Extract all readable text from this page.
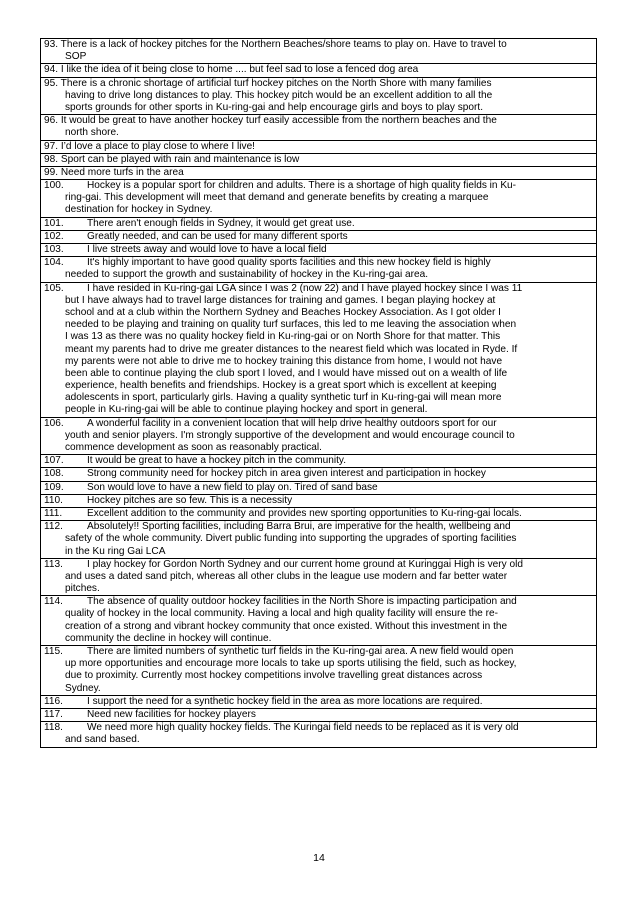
93. There is a lack of hockey pitches for the Northern Beaches/shore teams to play on. Have to travel to
SOP
94. I like the idea of it being close to home .... but feel sad to lose a fenced dog area
95. There is a chronic shortage of artificial turf hockey pitches on the North Shore with many families
having to drive long distances to play. This hockey pitch would be an excellent addition to all the
sports grounds for other sports in Ku-ring-gai and help encourage girls and boys to play sport.
96. It would be great to have another hockey turf easily accessible from the northern beaches and the
north shore.
97. I’d love a place to play close to where I live!
98. Sport can be played with rain and maintenance is low
99. Need more turfs in the area
100. Hockey is a popular sport for children and adults. There is a shortage of high quality fields in Ku-
ring-gai. This development will meet that demand and generate benefits by creating a marquee
destination for hockey in Sydney.
101. There aren't enough fields in Sydney, it would get great use.
102. Greatly needed, and can be used for many different sports
103. I live streets away and would love to have a local field
104. It's highly important to have good quality sports facilities and this new hockey field is highly
needed to support the growth and sustainability of hockey in the Ku-ring-gai area.
105. I have resided in Ku-ring-gai LGA since I was 2 (now 22) and I have played hockey since I was 11
but I have always had to travel large distances for training and games. I began playing hockey at
school and at a club within the Northern Sydney and Beaches Hockey Association. As I got older I
needed to be playing and training on quality turf surfaces, this led to me leaving the association when
I was 13 as there was no quality hockey field in Ku-ring-gai or on North Shore for that matter. This
meant my parents had to drive me greater distances to the nearest field which was located in Ryde. If
my parents were not able to drive me to hockey training this distance from home, I would not have
been able to continue playing the club sport I loved, and I would have missed out on a wealth of life
experience, health benefits and friendships. Hockey is a great sport which is excellent at keeping
adolescents in sport, particularly girls. Having a quality synthetic turf in Ku-ring-gai will mean more
people in Ku-ring-gai will be able to continue playing hockey and sport in general.
106. A wonderful facility in a convenient location that will help drive healthy outdoors sport for our
youth and senior players. I'm strongly supportive of the development and would encourage council to
commence development as soon as reasonably practical.
107. It would be great to have a hockey pitch in the community.
108. Strong community need for hockey pitch in area given interest and participation in hockey
109. Son would love to have a new field to play on. Tired of sand base
110. Hockey pitches are so few. This is a necessity
111. Excellent addition to the community and provides new sporting opportunities to Ku-ring-gai locals.
112. Absolutely!! Sporting facilities, including Barra Brui, are imperative for the health, wellbeing and
safety of the whole community. Divert public funding into supporting the upgrades of sporting facilities
in the Ku ring Gai LCA
113. I play hockey for Gordon North Sydney and our current home ground at Kuringgai High is very old
and uses a dated sand pitch, whereas all other clubs in the league use modern and far better water
pitches.
114. The absence of quality outdoor hockey facilities in the North Shore is impacting participation and
quality of hockey in the local community. Having a local and high quality facility will ensure the re-
creation of a strong and vibrant hockey community that once existed. Without this investment in the
community the decline in hockey will continue.
115. There are limited numbers of synthetic turf fields in the Ku-ring-gai area. A new field would open
up more opportunities and encourage more locals to take up sports utilising the field, such as hockey,
due to proximity. Currently most hockey competitions involve travelling great distances across
Sydney.
116. I support the need for a synthetic hockey field in the area as more locations are required.
117. Need new facilities for hockey players
118. We need more high quality hockey fields. The Kuringai field needs to be replaced as it is very old
and sand based.
14
